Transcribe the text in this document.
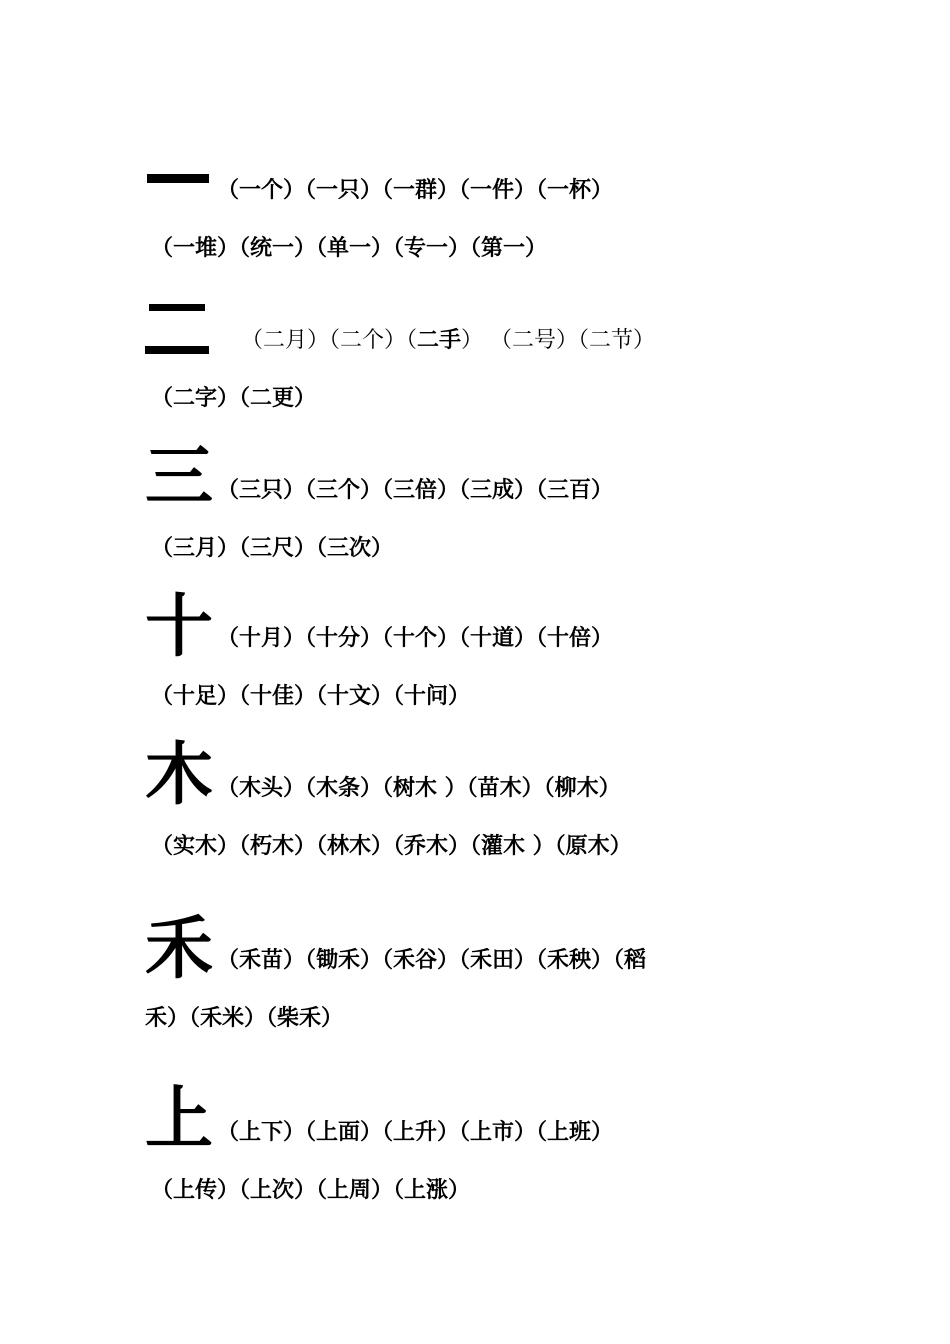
（一个）（一只）（一群）（一件）（一杯）
（一堆）（统一）（单一）（专一）（第一）
（二月）（二个）（二手） （二号）（二节）
（二字）（二更）
三 （三只）（三个）（三倍）（三成）（三百）
（三月）（三尺）（三次）
十 （十月）（十分）（十个）（十道）（十倍）
（十足）（十佳）（十文）（十问）
木 （木头）（木条）（树木 ）（苗木）（柳木）
（实木）（朽木）（林木）（乔木）（灌木 ）（原木）
禾 （禾苗）（锄禾）（禾谷）（禾田）（禾秧）（稻
禾）（禾米）（柴禾）
上 （上下）（上面）（上升）（上市）（上班）
（上传）（上次）（上周）（上涨）
